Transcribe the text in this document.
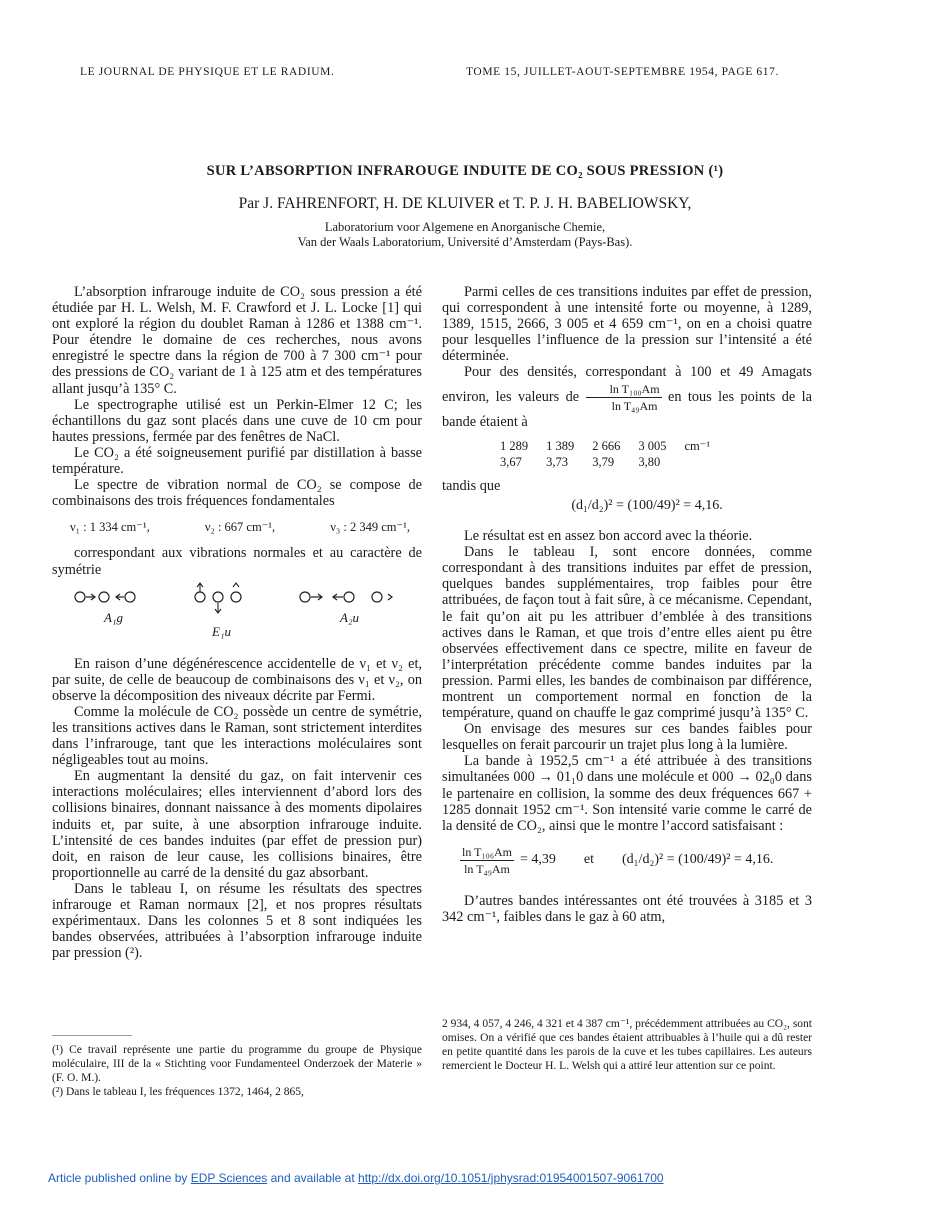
LE JOURNAL DE PHYSIQUE ET LE RADIUM.	TOME 15, JUILLET-AOUT-SEPTEMBRE 1954, PAGE 617.
SUR L’ABSORPTION INFRAROUGE INDUITE DE CO₂ SOUS PRESSION (¹)
Par J. FAHRENFORT, H. DE KLUIVER et T. P. J. H. BABELIOWSKY,
Laboratorium voor Algemene en Anorganische Chemie,
Van der Waals Laboratorium, Université d’Amsterdam (Pays-Bas).

L’absorption infrarouge induite de CO₂ sous pression a été étudiée par H. L. Welsh, M. F. Crawford et J. L. Locke [1] qui ont exploré la région du doublet Raman à 1286 et 1388 cm⁻¹. Pour étendre le domaine de ces recherches, nous avons enregistré le spectre dans la région de 700 à 7 300 cm⁻¹ pour des pressions de CO₂ variant de 1 à 125 atm et des températures allant jusqu’à 135° C.

Le spectrographe utilisé est un Perkin-Elmer 12 C; les échantillons du gaz sont placés dans une cuve de 10 cm pour hautes pressions, fermée par des fenêtres de NaCl.

Le CO₂ a été soigneusement purifié par distillation à basse température.

Le spectre de vibration normal de CO₂ se compose de combinaisons des trois fréquences fondamentales

ν₁ : 1 334 cm⁻¹,	ν₂ : 667 cm⁻¹,	ν₃ : 2 349 cm⁻¹,

correspondant aux vibrations normales et au caractère de symétrie

A₁g
E₁u
A₂u

En raison d’une dégénérescence accidentelle de ν₁ et ν₂ et, par suite, de celle de beaucoup de combinaisons des ν₁ et ν₂, on observe la décomposition des niveaux décrite par Fermi.

Comme la molécule de CO₂ possède un centre de symétrie, les transitions actives dans le Raman, sont strictement interdites dans l’infrarouge, tant que les interactions moléculaires sont négligeables tout au moins.

En augmentant la densité du gaz, on fait intervenir ces interactions moléculaires; elles interviennent d’abord lors des collisions binaires, donnant naissance à des moments dipolaires induits et, par suite, à une absorption infrarouge induite. L’intensité de ces bandes induites (par effet de pression pur) doit, en raison de leur cause, les collisions binaires, être proportionnelle au carré de la densité du gaz absorbant.

Dans le tableau I, on résume les résultats des spectres infrarouge et Raman normaux [2], et nos propres résultats expérimentaux. Dans les colonnes 5 et 8 sont indiquées les bandes observées, attribuées à l’absorption infrarouge induite par pression (²).

(¹) Ce travail représente une partie du programme du groupe de Physique moléculaire, III de la « Stichting voor Fundamenteel Onderzoek der Materie » (F. O. M.).

(²) Dans le tableau I, les fréquences 1372, 1464, 2 865,

Parmi celles de ces transitions induites par effet de pression, qui correspondent à une intensité forte ou moyenne, à 1289, 1389, 1515, 2666, 3 005 et 4 659 cm⁻¹, on en a choisi quatre pour lesquelles l’influence de la pression sur l’intensité a été déterminée.

Pour des densités, correspondant à 100 et 49 Amagats environ, les valeurs de $\frac{\text{ln T₁₀₀Am}}{\text{ln T₄₉Am}}$ en tous les points de la bande étaient à

1 289	1 389	2 666	3 005	cm⁻¹
3,67	3,73	3,79	3,80	
tandis que
(d₁/d₂)² = (100/49)² = 4,16.

Le résultat est en assez bon accord avec la théorie.

Dans le tableau I, sont encore données, comme correspondant à des transitions induites par effet de pression, quelques bandes supplémentaires, trop faibles pour être attribuées, de façon tout à fait sûre, à ce mécanisme. Cependant, le fait qu’on ait pu les attribuer d’emblée à des transitions actives dans le Raman, et que trois d’entre elles aient pu être observées effectivement dans ce spectre, milite en faveur de l’interprétation précédente comme bandes induites par la pression. Parmi elles, les bandes de combinaison par différence, montrent un comportement normal en fonction de la température, quand on chauffe le gaz comprimé jusqu’à 135° C.

On envisage des mesures sur ces bandes faibles pour lesquelles on ferait parcourir un trajet plus long à la lumière.

La bande à 1952,5 cm⁻¹ a été attribuée à des transitions simultanées 000 → 01₁0 dans une molécule et 000 → 02₀0 dans le partenaire en collision, la somme des deux fréquences 667 + 1285 donnait 1952 cm⁻¹. Son intensité varie comme le carré de la densité de CO₂, ainsi que le montre l’accord satisfaisant :

$\frac{\text{ln T₁₀₆Am}}{\text{ln T₄₉Am}} = 4,39$ et (d₁/d₂)² = (100/49)² = 4,16.

D’autres bandes intéressantes ont été trouvées à 3185 et 3 342 cm⁻¹, faibles dans le gaz à 60 atm,

2 934, 4 057, 4 246, 4 321 et 4 387 cm⁻¹, précédemment attribuées au CO₂, sont omises. On a vérifié que ces bandes étaient attribuables à l’huile qui a dû rester en petite quantité dans les parois de la cuve et les tubes capillaires. Les auteurs remercient le Docteur H. L. Welsh qui a attiré leur attention sur ce point.

Article published online by EDP Sciences and available at http://dx.doi.org/10.1051/jphysrad:01954001507-9061700
